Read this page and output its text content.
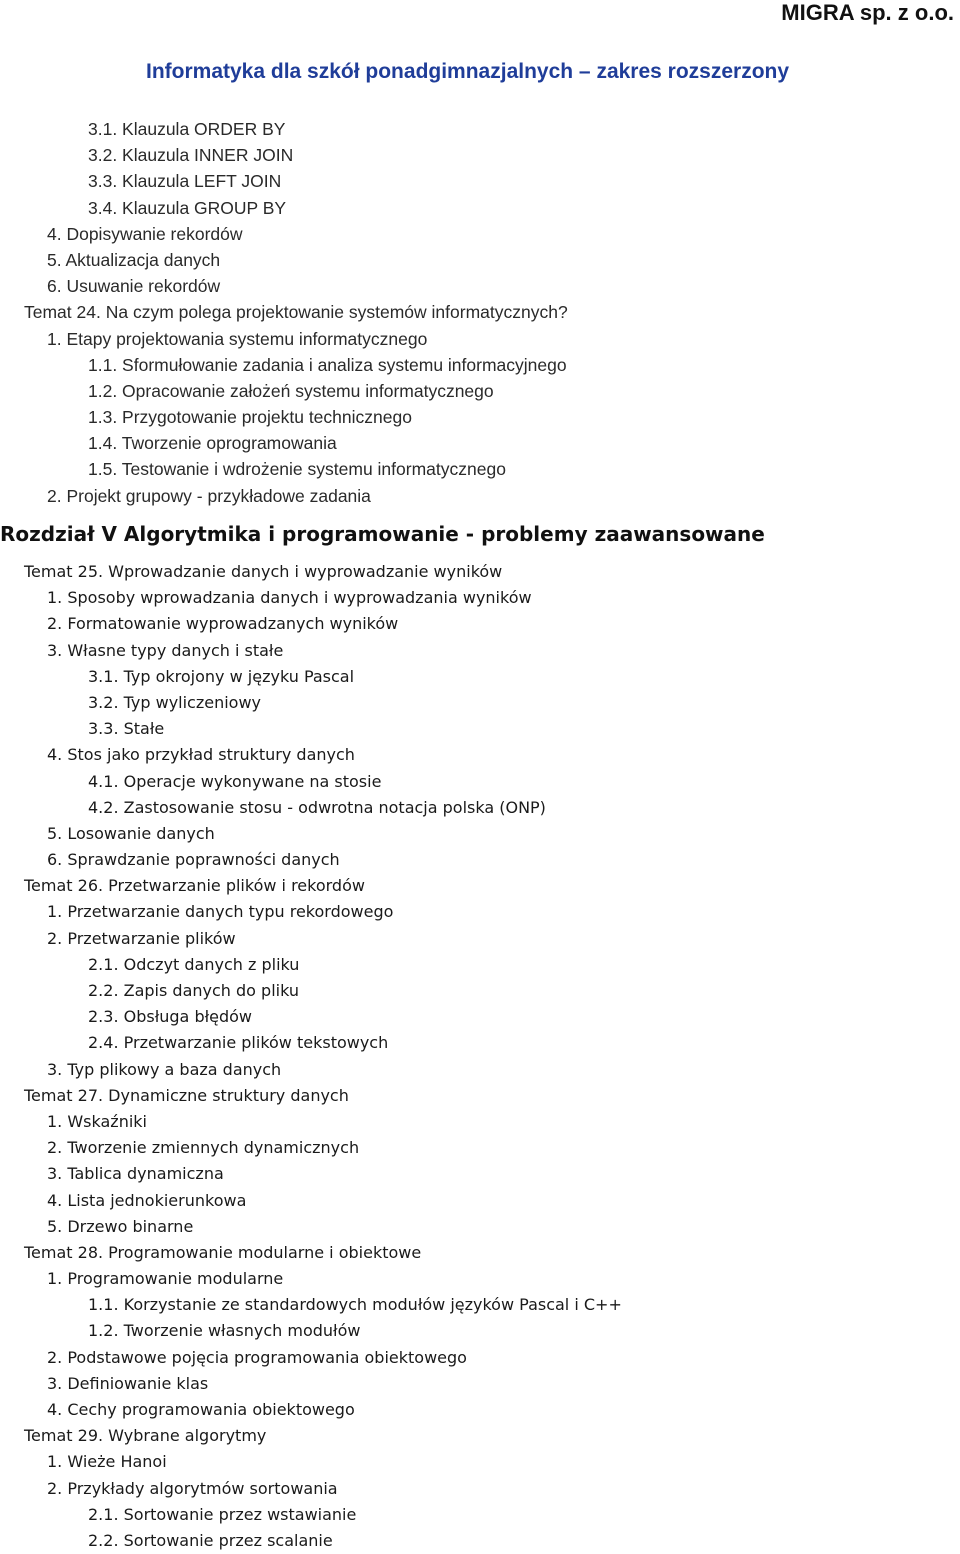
MIGRA sp. z o.o.
Informatyka dla szkół ponadgimnazjalnych – zakres rozszerzony
3.1. Klauzula ORDER BY
3.2. Klauzula INNER JOIN
3.3. Klauzula LEFT JOIN
3.4. Klauzula GROUP BY
4. Dopisywanie rekordów
5. Aktualizacja danych
6. Usuwanie rekordów
Temat 24. Na czym polega projektowanie systemów informatycznych?
1. Etapy projektowania systemu informatycznego
1.1. Sformułowanie zadania i analiza systemu informacyjnego
1.2. Opracowanie założeń systemu informatycznego
1.3. Przygotowanie projektu technicznego
1.4. Tworzenie oprogramowania
1.5. Testowanie i wdrożenie systemu informatycznego
2. Projekt grupowy - przykładowe zadania
Rozdział V Algorytmika i programowanie - problemy zaawansowane
Temat 25. Wprowadzanie danych i wyprowadzanie wyników
1. Sposoby wprowadzania danych i wyprowadzania wyników
2. Formatowanie wyprowadzanych wyników
3. Własne typy danych i stałe
3.1. Typ okrojony w języku Pascal
3.2. Typ wyliczeniowy
3.3. Stałe
4. Stos jako przykład struktury danych
4.1. Operacje wykonywane na stosie
4.2. Zastosowanie stosu - odwrotna notacja polska (ONP)
5. Losowanie danych
6. Sprawdzanie poprawności danych
Temat 26. Przetwarzanie plików i rekordów
1. Przetwarzanie danych typu rekordowego
2. Przetwarzanie plików
2.1. Odczyt danych z pliku
2.2. Zapis danych do pliku
2.3. Obsługa błędów
2.4. Przetwarzanie plików tekstowych
3. Typ plikowy a baza danych
Temat 27. Dynamiczne struktury danych
1. Wskaźniki
2. Tworzenie zmiennych dynamicznych
3. Tablica dynamiczna
4. Lista jednokierunkowa
5. Drzewo binarne
Temat 28. Programowanie modularne i obiektowe
1. Programowanie modularne
1.1. Korzystanie ze standardowych modułów języków Pascal i C++
1.2. Tworzenie własnych modułów
2. Podstawowe pojęcia programowania obiektowego
3. Definiowanie klas
4. Cechy programowania obiektowego
Temat 29. Wybrane algorytmy
1. Wieże Hanoi
2. Przykłady algorytmów sortowania
2.1. Sortowanie przez wstawianie
2.2. Sortowanie przez scalanie
